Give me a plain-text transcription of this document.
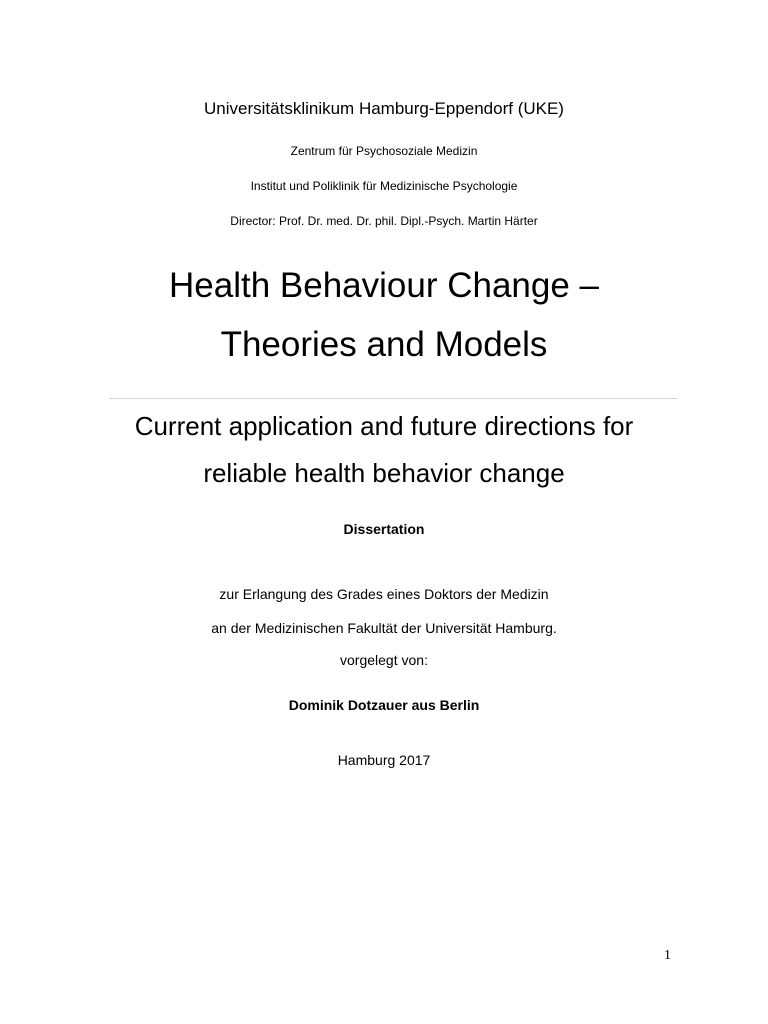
Universitätsklinikum Hamburg-Eppendorf (UKE)
Zentrum für Psychosoziale Medizin
Institut und Poliklinik für Medizinische Psychologie
Director: Prof. Dr. med. Dr. phil. Dipl.-Psych. Martin Härter
Health Behaviour Change –
Theories and Models
Current application and future directions for
reliable health behavior change
Dissertation
zur Erlangung des Grades eines Doktors der Medizin
an der Medizinischen Fakultät der Universität Hamburg.
vorgelegt von:
Dominik Dotzauer aus Berlin
Hamburg 2017
1
